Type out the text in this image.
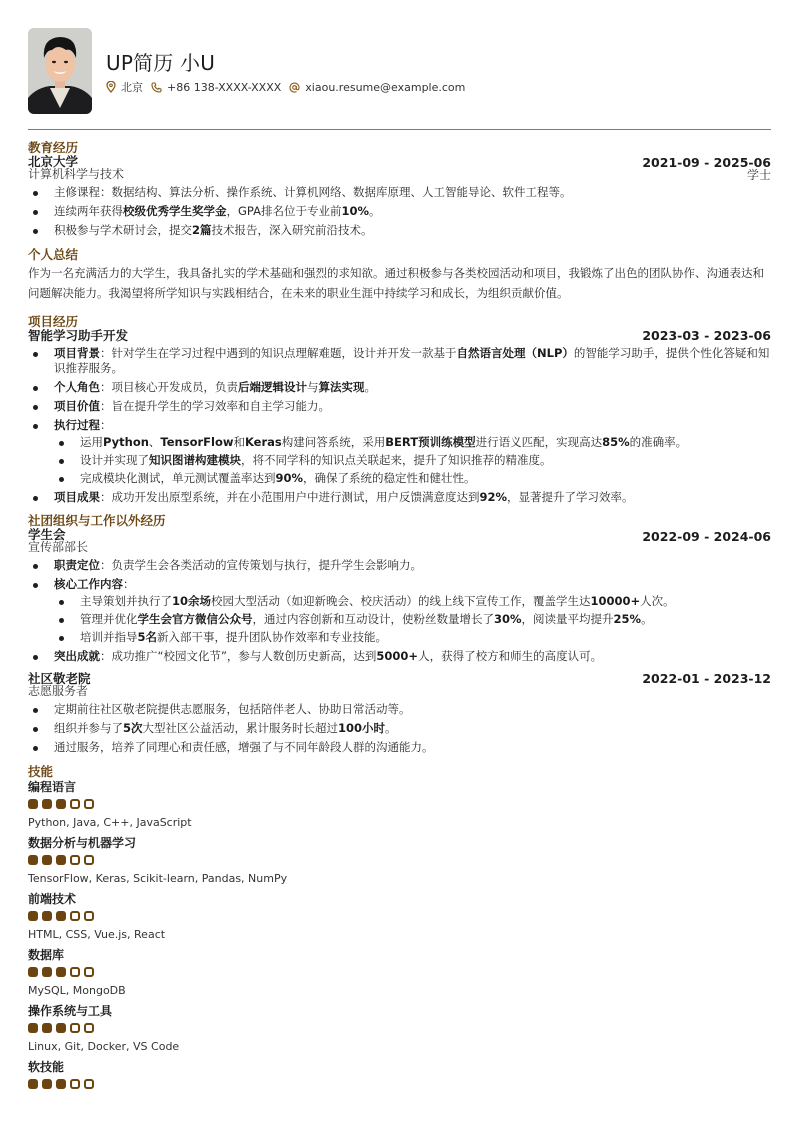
UP简历 小U
北京 +86 138-XXXX-XXXX xiaou.resume@example.com
教育经历
北京大学
计算机科学与技术
2021-09 - 2025-06
学士
主修课程：数据结构、算法分析、操作系统、计算机网络、数据库原理、人工智能导论、软件工程等。
连续两年获得校级优秀学生奖学金，GPA排名位于专业前10%。
积极参与学术研讨会，提交2篇技术报告，深入研究前沿技术。
个人总结
作为一名充满活力的大学生，我具备扎实的学术基础和强烈的求知欲。通过积极参与各类校园活动和项目，我锻炼了出色的团队协作、沟通表达和问题解决能力。我渴望将所学知识与实践相结合，在未来的职业生涯中持续学习和成长，为组织贡献价值。
项目经历
智能学习助手开发	2023-03 - 2023-06
项目背景：针对学生在学习过程中遇到的知识点理解难题，设计并开发一款基于自然语言处理（NLP）的智能学习助手，提供个性化答疑和知识推荐服务。
个人角色：项目核心开发成员，负责后端逻辑设计与算法实现。
项目价值：旨在提升学生的学习效率和自主学习能力。
执行过程：
运用Python、TensorFlow和Keras构建问答系统，采用BERT预训练模型进行语义匹配，实现高达85%的准确率。
设计并实现了知识图谱构建模块，将不同学科的知识点关联起来，提升了知识推荐的精准度。
完成模块化测试，单元测试覆盖率达到90%，确保了系统的稳定性和健壮性。
项目成果：成功开发出原型系统，并在小范围用户中进行测试，用户反馈满意度达到92%，显著提升了学习效率。
社团组织与工作以外经历
学生会
宣传部部长
2022-09 - 2024-06
职责定位：负责学生会各类活动的宣传策划与执行，提升学生会影响力。
核心工作内容：
主导策划并执行了10余场校园大型活动（如迎新晚会、校庆活动）的线上线下宣传工作，覆盖学生达10000+人次。
管理并优化学生会官方微信公众号，通过内容创新和互动设计，使粉丝数量增长了30%，阅读量平均提升25%。
培训并指导5名新入部干事，提升团队协作效率和专业技能。
突出成就：成功推广“校园文化节”，参与人数创历史新高，达到5000+人，获得了校方和师生的高度认可。
社区敬老院
志愿服务者
2022-01 - 2023-12
定期前往社区敬老院提供志愿服务，包括陪伴老人、协助日常活动等。
组织并参与了5次大型社区公益活动，累计服务时长超过100小时。
通过服务，培养了同理心和责任感，增强了与不同年龄段人群的沟通能力。
技能
编程语言
Python, Java, C++, JavaScript
数据分析与机器学习
TensorFlow, Keras, Scikit-learn, Pandas, NumPy
前端技术
HTML, CSS, Vue.js, React
数据库
MySQL, MongoDB
操作系统与工具
Linux, Git, Docker, VS Code
软技能
